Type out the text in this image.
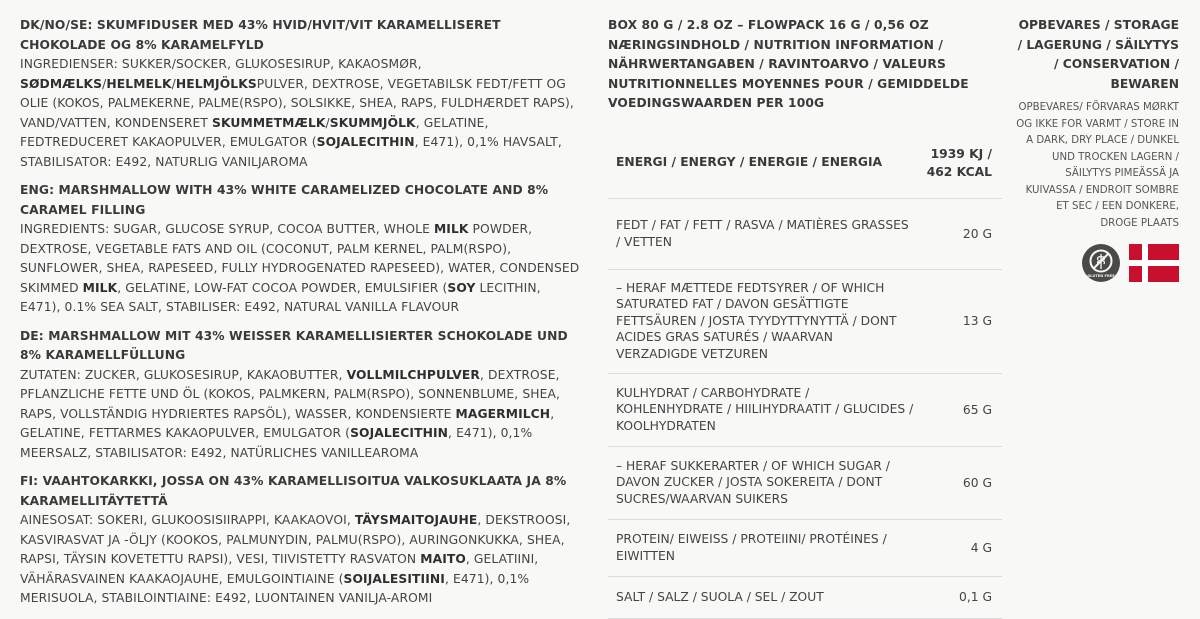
DK/NO/SE: SKUMFIDUSER MED 43% HVID/HVIT/VIT KARAMELLISERET CHOKOLADE OG 8% KARAMELFYLD
INGREDIENSER: SUKKER/SOCKER, GLUKOSESIRUP, KAKAOSMØR, SØDMÆLKS/HELMELK/HELMJÖLKSPULVER, DEXTROSE, VEGETABILSK FEDT/FETT OG OLIE (KOKOS, PALMEKERNE, PALME(RSPO), SOLSIKKE, SHEA, RAPS, FULDHÆRDET RAPS), VAND/VATTEN, KONDENSERET SKUMMETMÆLK/SKUMMJÖLK, GELATINE, FEDTREDUCERET KAKAOPULVER, EMULGATOR (SOJALECITHIN, E471), 0,1% HAVSALT, STABILISATOR: E492, NATURLIG VANILJAROMA
ENG: MARSHMALLOW WITH 43% WHITE CARAMELIZED CHOCOLATE AND 8% CARAMEL FILLING
INGREDIENTS: SUGAR, GLUCOSE SYRUP, COCOA BUTTER, WHOLE MILK POWDER, DEXTROSE, VEGETABLE FATS AND OIL (COCONUT, PALM KERNEL, PALM(RSPO), SUNFLOWER, SHEA, RAPESEED, FULLY HYDROGENATED RAPESEED), WATER, CONDENSED SKIMMED MILK, GELATINE, LOW-FAT COCOA POWDER, EMULSIFIER (SOY LECITHIN, E471), 0.1% SEA SALT, STABILISER: E492, NATURAL VANILLA FLAVOUR
DE: MARSHMALLOW MIT 43% WEISSER KARAMELLISIERTER SCHOKOLADE UND 8% KARAMELLFÜLLUNG
ZUTATEN: ZUCKER, GLUKOSESIRUP, KAKAOBUTTER, VOLLMILCHPULVER, DEXTROSE, PFLANZLICHE FETTE UND ÖL (KOKOS, PALMKERN, PALM(RSPO), SONNENBLUME, SHEA, RAPS, VOLLSTÄNDIG HYDRIERTES RAPSÖL), WASSER, KONDENSIERTE MAGERMILCH, GELATINE, FETTARMES KAKAOPULVER, EMULGATOR (SOJALECITHIN, E471), 0,1% MEERSALZ, STABILISATOR: E492, NATÜRLICHES VANILLEAROMA
FI: VAAHTOKARKKI, JOSSA ON 43% KARAMELLISOITUA VALKOSUKLAATA JA 8% KARAMELLITÄYTETTÄ
AINESOSAT: SOKERI, GLUKOOSISIIRAPPI, KAAKAOVOI, TÄYSMAITOJAUHE, DEKSTROOSI, KASVIRASVAT JA -ÖLJY (KOOKOS, PALMUNYDIN, PALMU(RSPO), AURINGONKUKKA, SHEA, RAPSI, TÄYSIN KOVETETTU RAPSI), VESI, TIIVISTETTY RASVATON MAITO, GELATIINI, VÄHÄRASVAINEN KAAKAOJAUHE, EMULGOINTIAINE (SOIJALESITIINI, E471), 0,1% MERISUOLA, STABILOINTIAINE: E492, LUONTAINEN VANILJA-AROMI
BOX 80 G / 2.8 OZ – FLOWPACK 16 G / 0,56 OZ NÆRINGSINDHOLD / NUTRITION INFORMATION / NÄHRWERTANGABEN / RAVINTOARVO / VALEURS NUTRITIONNELLES MOYENNES POUR / GEMIDDELDE VOEDINGSWAARDEN PER 100G
ENERGI / ENERGY / ENERGIE / ENERGIA
1939 KJ / 462 KCAL
FEDT / FAT / FETT / RASVA / MATIÈRES GRASSES / VETTEN
20 G
– HERAF MÆTTEDE FEDTSYRER / OF WHICH SATURATED FAT / DAVON GESÄTTIGTE FETTSÄUREN / JOSTA TYYDYTTYNYTTÄ / DONT ACIDES GRAS SATURÉS / WAARVAN VERZADIGDE VETZUREN
13 G
KULHYDRAT / CARBOHYDRATE / KOHLENHYDRATE / HIILIHYDRAATIT / GLUCIDES / KOOLHYDRATEN
65 G
– HERAF SUKKERARTER / OF WHICH SUGAR / DAVON ZUCKER / JOSTA SOKEREITA / DONT SUCRES/WAARVAN SUIKERS
60 G
PROTEIN/ EIWEISS / PROTEIINI/ PROTÉINES / EIWITTEN
4 G
SALT / SALZ / SUOLA / SEL / ZOUT	0,1 G
OPBEVARES / STORAGE / LAGERUNG / SÄILYTYS / CONSERVATION / BEWAREN
OPBEVARES/ FÖRVARAS MØRKT OG IKKE FOR VARMT / STORE IN A DARK, DRY PLACE / DUNKEL UND TROCKEN LAGERN / SÄILYTYS PIMEÄSSÄ JA KUIVASSA / ENDROIT SOMBRE ET SEC / EEN DONKERE, DROGE PLAATS
GLUTEN FREE
